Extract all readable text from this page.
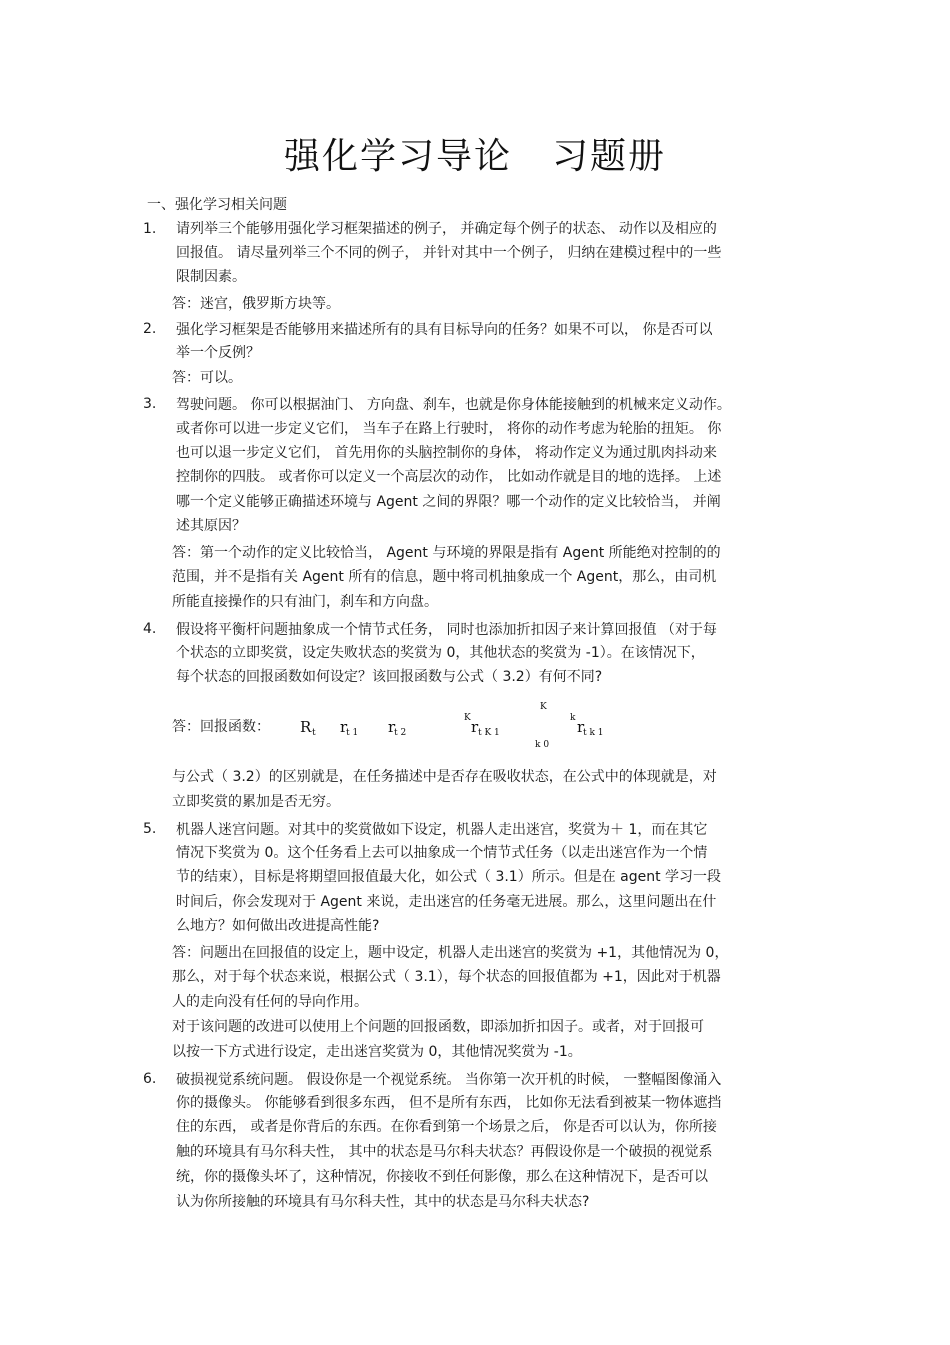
强化学习导论 习题册
一、强化学习相关问题
1. 请列举三个能够用强化学习框架描述的例子， 并确定每个例子的状态、 动作以及相应的
回报值。 请尽量列举三个不同的例子， 并针对其中一个例子， 归纳在建模过程中的一些
限制因素。
答：迷宫，俄罗斯方块等。
2. 强化学习框架是否能够用来描述所有的具有目标导向的任务？如果不可以， 你是否可以
举一个反例？
答：可以。
3. 驾驶问题。 你可以根据油门、 方向盘、刹车，也就是你身体能接触到的机械来定义动作。
或者你可以进一步定义它们， 当车子在路上行驶时， 将你的动作考虑为轮胎的扭矩。 你
也可以退一步定义它们， 首先用你的头脑控制你的身体， 将动作定义为通过肌肉抖动来
控制你的四肢。 或者你可以定义一个高层次的动作， 比如动作就是目的地的选择。 上述
哪一个定义能够正确描述环境与 Agent 之间的界限？哪一个动作的定义比较恰当， 并阐
述其原因？
答：第一个动作的定义比较恰当， Agent 与环境的界限是指有 Agent 所能绝对控制的的
范围，并不是指有关 Agent 所有的信息，题中将司机抽象成一个 Agent，那么，由司机
所能直接操作的只有油门，刹车和方向盘。
4. 假设将平衡杆问题抽象成一个情节式任务， 同时也添加折扣因子来计算回报值 （对于每
个状态的立即奖赏，设定失败状态的奖赏为 0，其他状态的奖赏为 -1）。在该情况下，
每个状态的回报函数如何设定？该回报函数与公式（ 3.2）有何不同?
答：回报函数： R t r
t 1 r
t 2
K r t K 1
K
k 0
k r
t k 1
与公式（ 3.2）的区别就是，在任务描述中是否存在吸收状态，在公式中的体现就是，对
立即奖赏的累加是否无穷。
5. 机器人迷宫问题。对其中的奖赏做如下设定，机器人走出迷宫，奖赏为＋ 1，而在其它
情况下奖赏为 0。这个任务看上去可以抽象成一个情节式任务（以走出迷宫作为一个情
节的结束），目标是将期望回报值最大化，如公式（ 3.1）所示。但是在 agent 学习一段
时间后，你会发现对于 Agent 来说，走出迷宫的任务毫无进展。那么，这里问题出在什
么地方？如何做出改进提高性能?
答：问题出在回报值的设定上，题中设定，机器人走出迷宫的奖赏为 +1，其他情况为 0，
那么，对于每个状态来说，根据公式（ 3.1），每个状态的回报值都为 +1，因此对于机器
人的走向没有任何的导向作用。
对于该问题的改进可以使用上个问题的回报函数，即添加折扣因子。或者，对于回报可
以按一下方式进行设定，走出迷宫奖赏为 0，其他情况奖赏为 -1。
6. 破损视觉系统问题。 假设你是一个视觉系统。 当你第一次开机的时候， 一整幅图像涌入
你的摄像头。 你能够看到很多东西， 但不是所有东西， 比如你无法看到被某一物体遮挡
住的东西， 或者是你背后的东西。在你看到第一个场景之后， 你是否可以认为，你所接
触的环境具有马尔科夫性， 其中的状态是马尔科夫状态？再假设你是一个破损的视觉系
统，你的摄像头坏了，这种情况，你接收不到任何影像，那么在这种情况下，是否可以
认为你所接触的环境具有马尔科夫性，其中的状态是马尔科夫状态?
